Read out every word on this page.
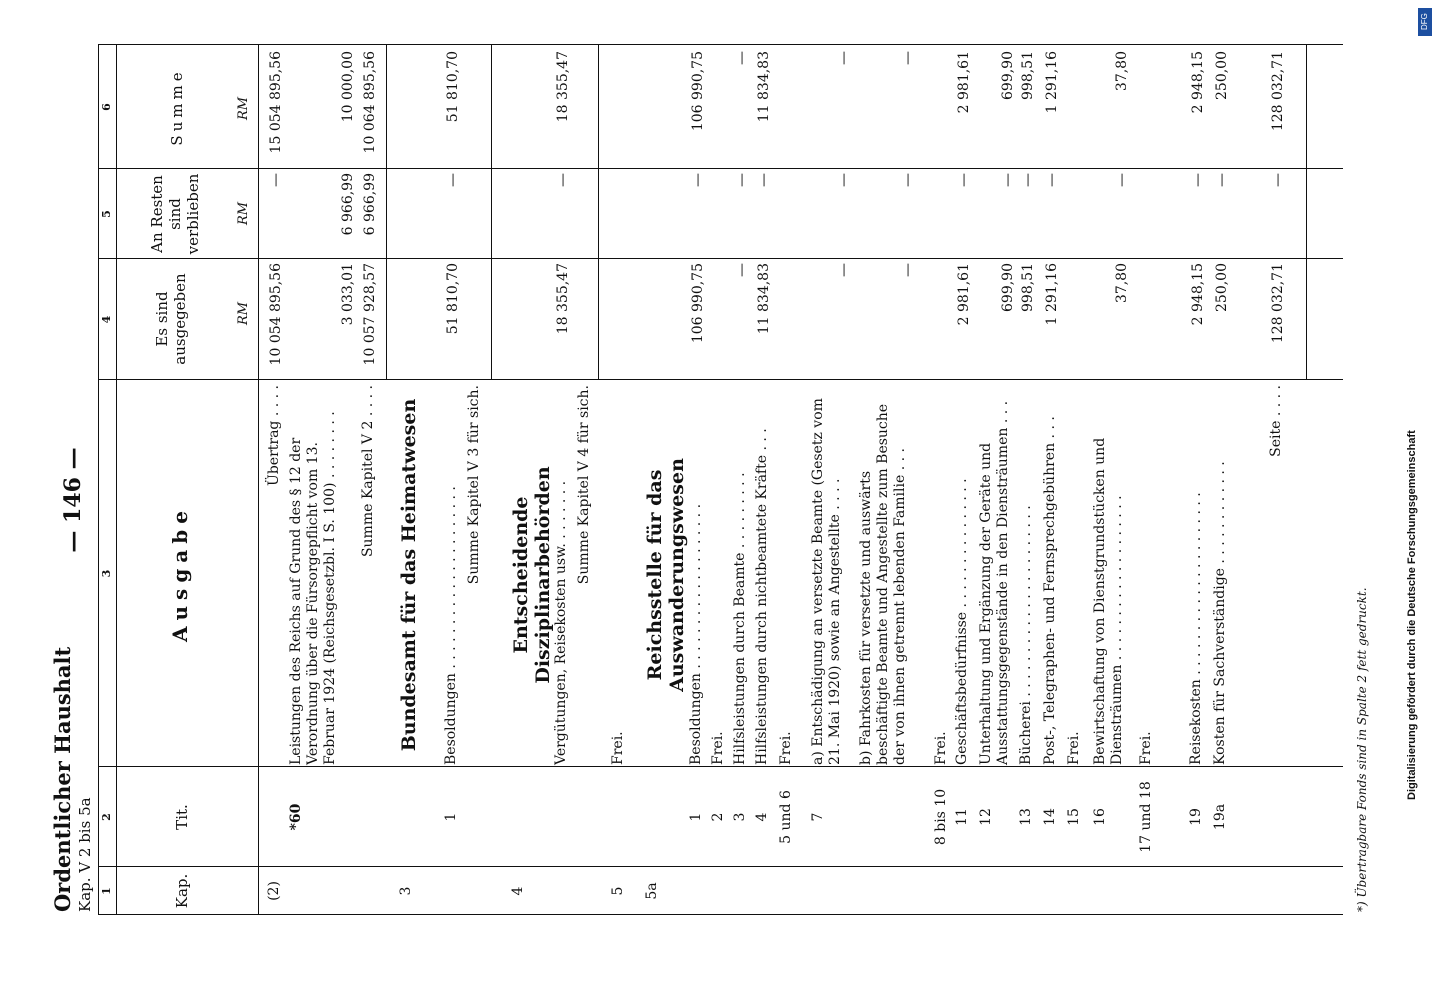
Ordentlicher Haushalt Kap. V 2 bis 5a
— 146 —
1
2
3
4
5
6
Kap.
Tit.
Ausgabe
Es sind ausgegeben
An Resten sind verblieben
Summe
RM
RM
RM
(2)
Übertrag . . . .
10 054 895,56
—
15 054 895,56
*60
Leistungen des Reichs auf Grund des § 12 der Verordnung über die Fürsorgepflicht vom 13. Februar 1924 (Reichsgesetzbl. I S. 100) . . . . . . . .
3 033,01
6 966,99
10 000,00
Summe Kapitel V 2 . . . .
10 057 928,57
6 966,99
10 064 895,56
3
Bundesamt für das Heimatwesen
1
Besoldungen . . . . . . . . . . . . . . . . . . . . .
51 810,70
—
51 810,70
Summe Kapitel V 3 für sich.
4
Entscheidende Disziplinarbehörden Vergütungen, Reisekosten usw. . . . . . . .
18 355,47
—
18 355,47
Summe Kapitel V 4 für sich.
5
Frei.
5a
Reichsstelle für das Auswanderungswesen
1
Besoldungen . . . . . . . . . . . . . . . . . . .
106 990,75
—
106 990,75
2
Frei.
3
Hilfsleistungen durch Beamte . . . . . . . . .
—
—
—
4
Hilfsleistungen durch nichtbeamtete Kräfte . . .
11 834,83
—
11 834,83
5 und 6
Frei.
7
a) Entschädigung an versetzte Beamte (Gesetz vom 21. Mai 1920) sowie an Angestellte . . . .
—
—
—
b) Fahrkosten für versetzte und auswärts beschäftigte Beamte und Angestellte zum Besuche der von ihnen getrennt lebenden Familie . . .
—
—
—
8 bis 10
Frei.
11
Geschäftsbedürfnisse . . . . . . . . . . . . . . .
2 981,61
—
2 981,61
12
Unterhaltung und Ergänzung der Geräte und Ausstattungsgegenstände in den Diensträumen . . .
699,90
—
699,90
13
Bücherei . . . . . . . . . . . . . . . . . . . . . .
998,51
—
998,51
14
Post-, Telegraphen- und Fernsprechgebühren . . .
1 291,16
—
1 291,16
15
Frei.
16
Bewirtschaftung von Dienstgrundstücken und Diensträumen . . . . . . . . . . . . . . . . . . .
37,80
—
37,80
17 und 18
Frei.
19
Reisekosten . . . . . . . . . . . . . . . . . . . . .
2 948,15
—
2 948,15
19a
Kosten für Sachverständige . . . . . . . . . . . .
250,00
—
250,00
Seite . . . .
128 032,71
—
128 032,71
*) Übertragbare Fonds sind in Spalte 2 fett gedruckt.	Digitalisierung gefördert durch die Deutsche Forschungsgemeinschaft
DFG
